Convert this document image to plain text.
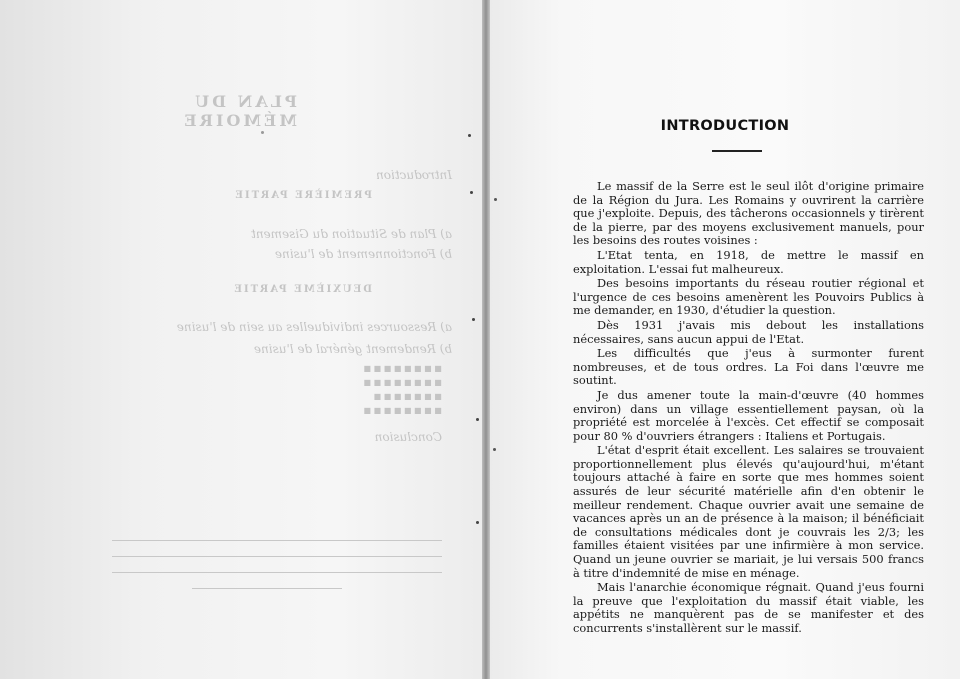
PLAN DU MÉMOIRE
Introduction
PREMIÈRE PARTIE
a) Plan de Situation du Gisement
b) Fonctionnement de l'usine
DEUXIÈME PARTIE
a) Ressources individuelles au sein de l'usine
b) Rendement général de l'usine
■ ■ ■ ■ ■ ■ ■ ■
■ ■ ■ ■ ■ ■ ■ ■
■ ■ ■ ■ ■ ■ ■
■ ■ ■ ■ ■ ■ ■ ■
Conclusion
INTRODUCTION

Le massif de la Serre est le seul ilôt d'origine primaire de la Région du Jura. Les Romains y ouvrirent la carrière que j'exploite. Depuis, des tâcherons occasionnels y tirèrent de la pierre, par des moyens exclusivement manuels, pour les besoins des routes voisines :

L'Etat tenta, en 1918, de mettre le massif en exploitation. L'essai fut malheureux.

Des besoins importants du réseau routier régional et l'urgence de ces besoins amenèrent les Pouvoirs Publics à me demander, en 1930, d'étudier la question.

Dès 1931 j'avais mis debout les installations nécessaires, sans aucun appui de l'Etat.

Les difficultés que j'eus à surmonter furent nombreuses, et de tous ordres. La Foi dans l'œuvre me soutint.

Je dus amener toute la main-d'œuvre (40 hommes environ) dans un village essentiellement paysan, où la propriété est morcelée à l'excès. Cet effectif se composait pour 80 % d'ouvriers étrangers : Italiens et Portugais.

L'état d'esprit était excellent. Les salaires se trouvaient proportionnellement plus élevés qu'aujourd'hui, m'étant toujours attaché à faire en sorte que mes hommes soient assurés de leur sécurité matérielle afin d'en obtenir le meilleur rendement. Chaque ouvrier avait une semaine de vacances après un an de présence à la maison; il bénéficiait de consultations médicales dont je couvrais les 2/3; les familles étaient visitées par une infirmière à mon service. Quand un jeune ouvrier se mariait, je lui versais 500 francs à titre d'indemnité de mise en ménage.

Mais l'anarchie économique régnait. Quand j'eus fourni la preuve que l'exploitation du massif était viable, les appétits ne manquèrent pas de se manifester et des concurrents s'installèrent sur le massif.
